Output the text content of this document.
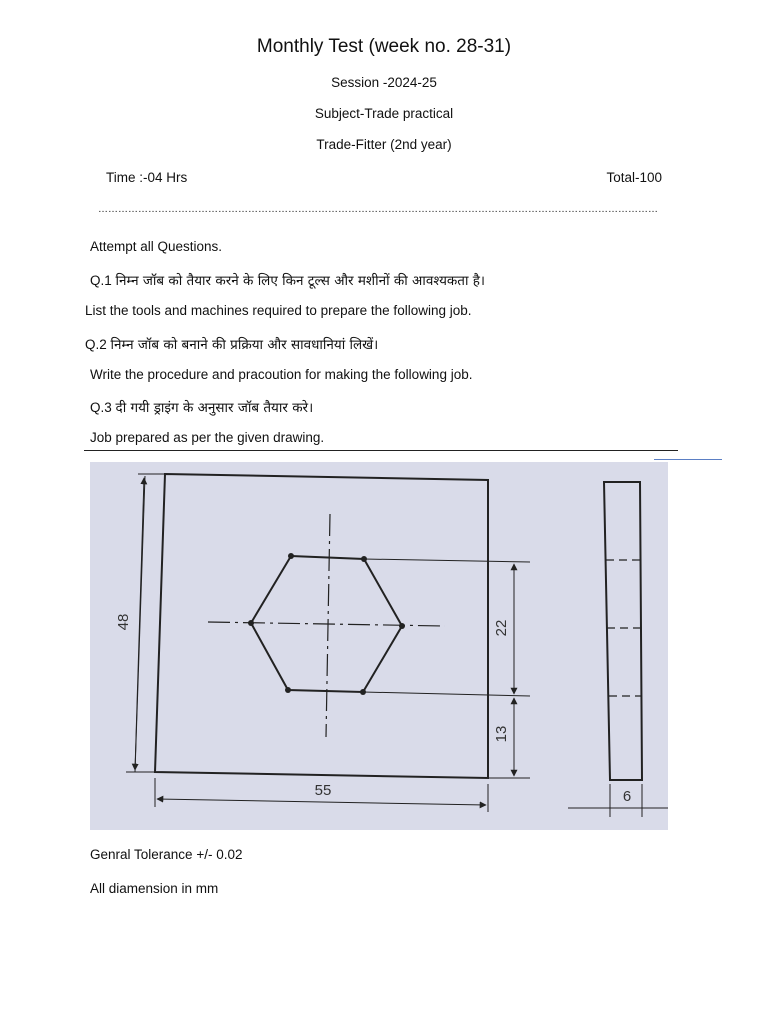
Monthly Test (week no. 28-31)
Session -2024-25
Subject-Trade practical
Trade-Fitter (2nd year)
Time :-04 Hrs	Total-100
……………………………………………………………………………………………………………………………………………………
Attempt all Questions.
Q.1 निम्न जॉब को तैयार करने के लिए किन टूल्स और मशीनों की आवश्यकता है।
List the tools and machines required to prepare the following job.
Q.2 निम्न जॉब को बनाने की प्रक्रिया और सावधानियां लिखें।
Write the procedure and pracoution for making the following job.
Q.3 दी गयी ड्राइंग के अनुसार जॉब तैयार करे।
Job prepared as per the given drawing.
48	22
13
55	6
Genral Tolerance +/- 0.02
All diamension in mm
